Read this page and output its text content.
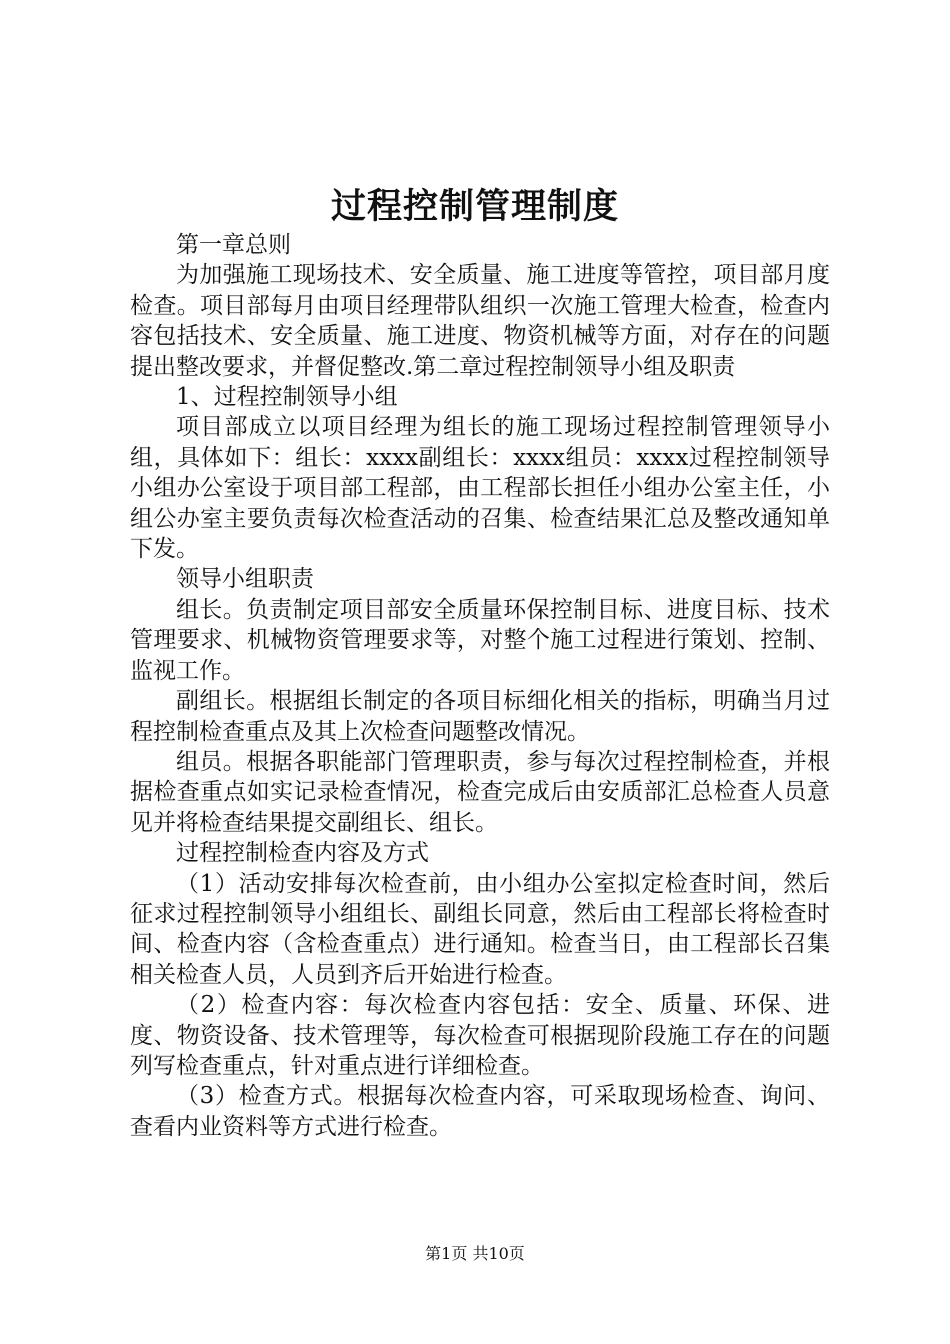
过程控制管理制度

第一章总则

为加强施工现场技术、安全质量、施工进度等管控，项目部月度检查。项目部每月由项目经理带队组织一次施工管理大检查，检查内容包括技术、安全质量、施工进度、物资机械等方面，对存在的问题提出整改要求，并督促整改.第二章过程控制领导小组及职责

1、过程控制领导小组

项目部成立以项目经理为组长的施工现场过程控制管理领导小组，具体如下：组长：xxxx副组长：xxxx组员：xxxx过程控制领导小组办公室设于项目部工程部，由工程部长担任小组办公室主任，小组公办室主要负责每次检查活动的召集、检查结果汇总及整改通知单下发。

领导小组职责

组长。负责制定项目部安全质量环保控制目标、进度目标、技术管理要求、机械物资管理要求等，对整个施工过程进行策划、控制、监视工作。

副组长。根据组长制定的各项目标细化相关的指标，明确当月过程控制检查重点及其上次检查问题整改情况。

组员。根据各职能部门管理职责，参与每次过程控制检查，并根据检查重点如实记录检查情况，检查完成后由安质部汇总检查人员意见并将检查结果提交副组长、组长。

过程控制检查内容及方式

（1）活动安排每次检查前，由小组办公室拟定检查时间，然后征求过程控制领导小组组长、副组长同意，然后由工程部长将检查时间、检查内容（含检查重点）进行通知。检查当日，由工程部长召集相关检查人员，人员到齐后开始进行检查。

（2）检查内容：每次检查内容包括：安全、质量、环保、进度、物资设备、技术管理等，每次检查可根据现阶段施工存在的问题列写检查重点，针对重点进行详细检查。

（3）检查方式。根据每次检查内容，可采取现场检查、询问、查看内业资料等方式进行检查。

第1页 共10页
